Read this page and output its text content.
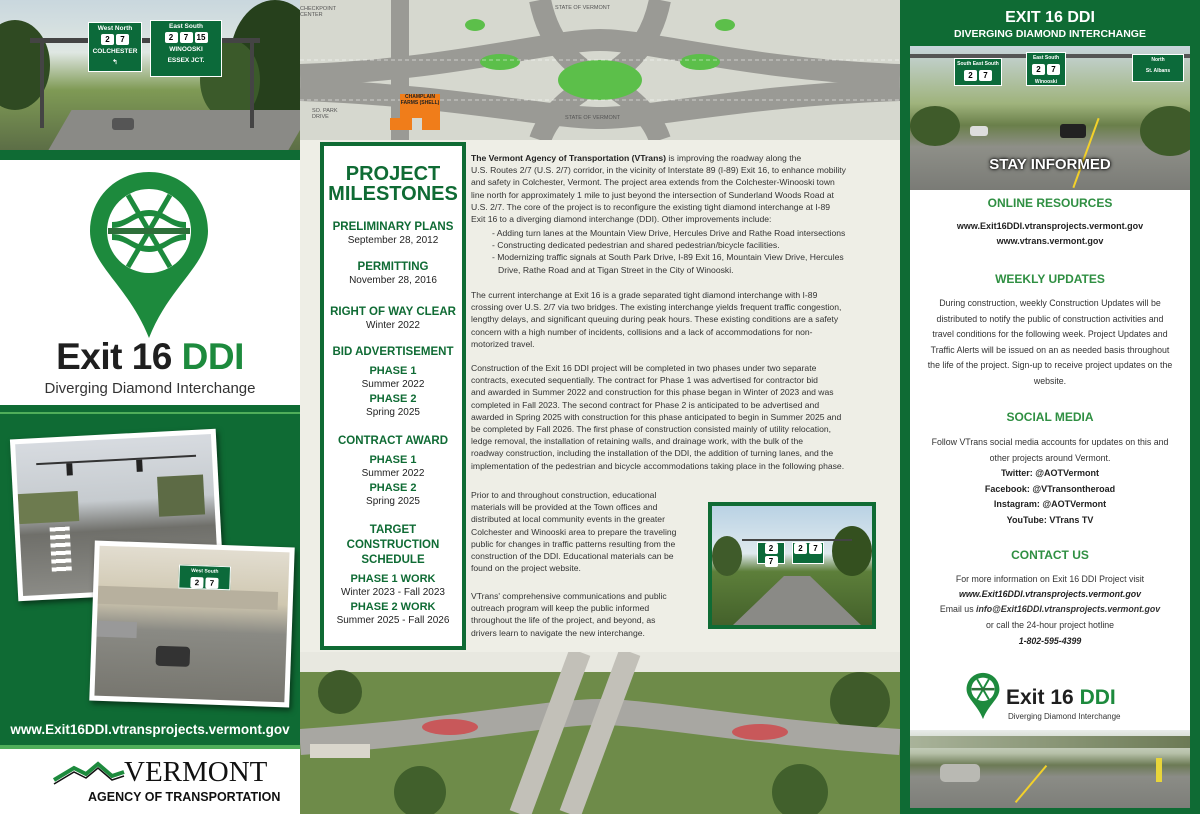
West North
2 7
COLCHESTER
↰
East South
2 7 15
WINOOSKI
ESSEX JCT.
Exit 16 DDI
Diverging Diamond Interchange
West South
2 7
www.Exit16DDI.vtransprojects.vermont.gov
VERMONT
AGENCY OF TRANSPORTATION
STATE OF VERMONT
STATE OF VERMONT
SO. PARK DRIVE
CHECKPOINT CENTER
CHAMPLAIN FARMS (SHELL)
PROJECT
MILESTONES
PRELIMINARY PLANS
September 28, 2012
PERMITTING
November 28, 2016
RIGHT OF WAY CLEAR
Winter 2022
BID ADVERTISEMENT
PHASE 1
Summer 2022
PHASE 2
Spring 2025
CONTRACT AWARD
PHASE 1
Summer 2022
PHASE 2
Spring 2025
TARGET
CONSTRUCTION
SCHEDULE
PHASE 1 WORK
Winter 2023 - Fall 2023
PHASE 2 WORK
Summer 2025 - Fall 2026
The Vermont Agency of Transportation (VTrans) is improving the roadway along the
U.S. Routes 2/7 (U.S. 2/7) corridor, in the vicinity of Interstate 89 (I-89) Exit 16, to enhance mobility
and safety in Colchester, Vermont. The project area extends from the Colchester-Winooski town
line north for approximately 1 mile to just beyond the intersection of Sunderland Woods Road at
U.S. 2/7. The core of the project is to reconfigure the existing tight diamond interchange at I-89
Exit 16 to a diverging diamond interchange (DDI). Other improvements include:
- Adding turn lanes at the Mountain View Drive, Hercules Drive and Rathe Road intersections
- Constructing dedicated pedestrian and shared pedestrian/bicycle facilities.
- Modernizing traffic signals at South Park Drive, I-89 Exit 16, Mountain View Drive, Hercules
Drive, Rathe Road and at Tigan Street in the City of Winooski.
The current interchange at Exit 16 is a grade separated tight diamond interchange with I-89
crossing over U.S. 2/7 via two bridges. The existing interchange yields frequent traffic congestion,
lengthy delays, and significant queuing during peak hours. These existing conditions are a safety
concern with a high number of incidents, collisions and a lack of accommodations for non-
motorized travel.
Construction of the Exit 16 DDI project will be completed in two phases under two separate
contracts, executed sequentially. The contract for Phase 1 was advertised for contractor bid
and awarded in Summer 2022 and construction for this phase began in Winter of 2023 and was
completed in Fall 2023. The second contract for Phase 2 is anticipated to be advertised and
awarded in Spring 2025 with construction for this phase anticipated to begin in Summer 2025 and
be completed by Fall 2026. The first phase of construction consisted mainly of utility relocation,
ledge removal, the installation of retaining walls, and drainage work, with the bulk of the
roadway construction, including the installation of the DDI, the addition of turning lanes, and the
implementation of the pedestrian and bicycle accommodations taking place in the following phase.
Prior to and throughout construction, educational
materials will be provided at the Town offices and
distributed at local community events in the greater
Colchester and Winooski area to prepare the traveling
public for changes in traffic patterns resulting from the
construction of the DDI. Educational materials can be
found on the project website.
VTrans' comprehensive communications and public
outreach program will keep the public informed
throughout the life of the project, and beyond, as
drivers learn to navigate the new interchange.
27
2 7
EXIT 16 DDI
DIVERGING DIAMOND INTERCHANGE
South East South
2 7
East South
2 7
Winooski
North
St. Albans
STAY INFORMED
ONLINE RESOURCES
www.Exit16DDI.vtransprojects.vermont.gov
www.vtrans.vermont.gov
WEEKLY UPDATES
During construction, weekly Construction Updates will be
distributed to notify the public of construction activities and
travel conditions for the following week. Project Updates and
Traffic Alerts will be issued on an as needed basis throughout
the life of the project. Sign-up to receive project updates on the
website.
SOCIAL MEDIA
Follow VTrans social media accounts for updates on this and
other projects around Vermont.
Twitter: @AOTVermont
Facebook: @VTransontheroad
Instagram: @AOTVermont
YouTube: VTrans TV
CONTACT US
For more information on Exit 16 DDI Project visit
www.Exit16DDI.vtransprojects.vermont.gov
Email us info@Exit16DDI.vtransprojects.vermont.gov
or call the 24-hour project hotline
1-802-595-4399
Exit 16 DDI
Diverging Diamond Interchange
